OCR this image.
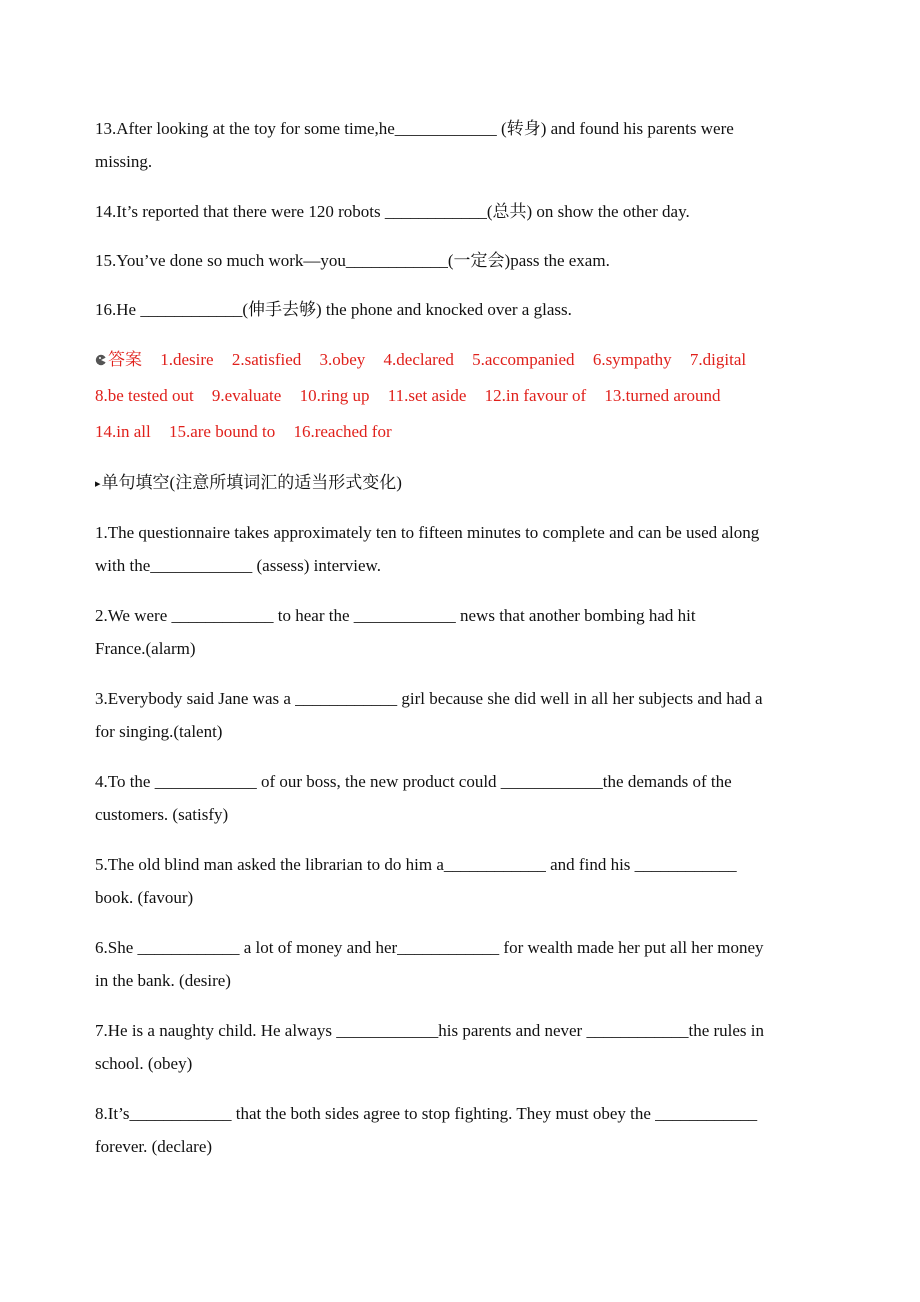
13.After looking at the toy for some time,he____________ (转身) and found his parents were
missing.
14.It’s reported that there were 120 robots ____________(总共) on show the other day.
15.You’ve done so much work—you____________(一定会)pass the exam.
16.He ____________(伸手去够) the phone and knocked over a glass.
答案 1.desire 2.satisfied 3.obey 4.declared 5.accompanied 6.sympathy 7.digital
8.be tested out 9.evaluate 10.ring up 11.set aside 12.in favour of 13.turned around
14.in all 15.are bound to 16.reached for
▸单句填空(注意所填词汇的适当形式变化)
1.The questionnaire takes approximately ten to fifteen minutes to complete and can be used along
with the____________ (assess) interview.
2.We were ____________ to hear the ____________ news that another bombing had hit
France.(alarm)
3.Everybody said Jane was a ____________ girl because she did well in all her subjects and had a
for singing.(talent)
4.To the ____________ of our boss, the new product could ____________the demands of the
customers. (satisfy)
5.The old blind man asked the librarian to do him a____________ and find his ____________
book. (favour)
6.She ____________ a lot of money and her____________ for wealth made her put all her money
in the bank. (desire)
7.He is a naughty child. He always ____________his parents and never ____________the rules in
school. (obey)
8.It’s____________ that the both sides agree to stop fighting. They must obey the ____________
forever. (declare)
